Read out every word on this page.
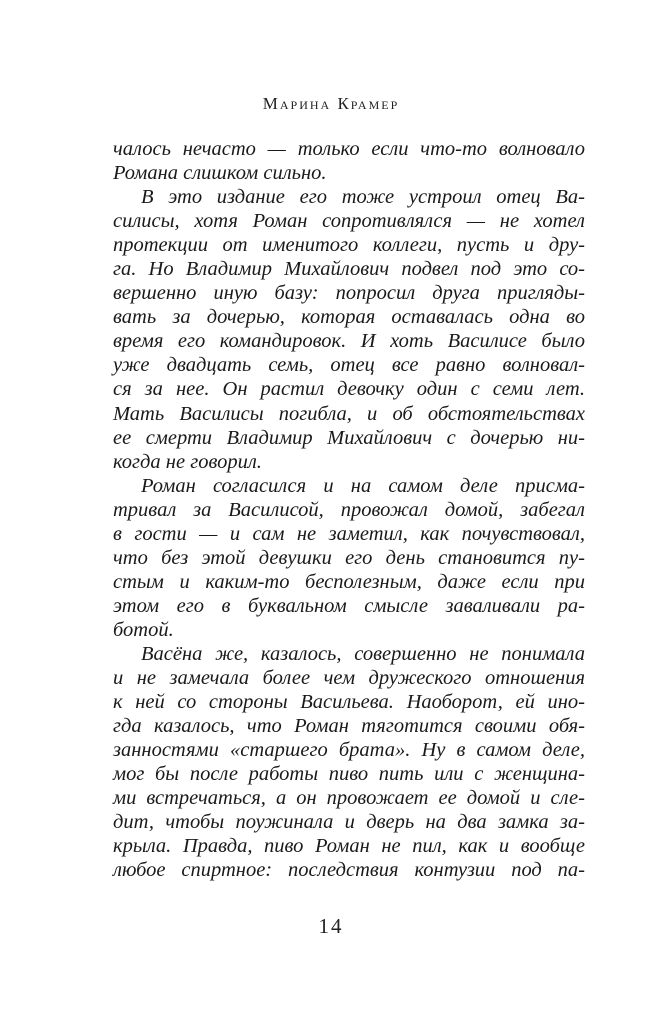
Марина Крамер
чалось нечасто — только если что-то волновало
Романа слишком сильно.
В это издание его тоже устроил отец Ва-
силисы, хотя Роман сопротивлялся — не хотел
протекции от именитого коллеги, пусть и дру-
га. Но Владимир Михайлович подвел под это со-
вершенно иную базу: попросил друга пригляды-
вать за дочерью, которая оставалась одна во
время его командировок. И хоть Василисе было
уже двадцать семь, отец все равно волновал-
ся за нее. Он растил девочку один с семи лет.
Мать Василисы погибла, и об обстоятельствах
ее смерти Владимир Михайлович с дочерью ни-
когда не говорил.
Роман согласился и на самом деле присма-
тривал за Василисой, провожал домой, забегал
в гости — и сам не заметил, как почувствовал,
что без этой девушки его день становится пу-
стым и каким-то бесполезным, даже если при
этом его в буквальном смысле заваливали ра-
ботой.
Васёна же, казалось, совершенно не понимала
и не замечала более чем дружеского отношения
к ней со стороны Васильева. Наоборот, ей ино-
гда казалось, что Роман тяготится своими обя-
занностями «старшего брата». Ну в самом деле,
мог бы после работы пиво пить или с женщина-
ми встречаться, а он провожает ее домой и сле-
дит, чтобы поужинала и дверь на два замка за-
крыла. Правда, пиво Роман не пил, как и вообще
любое спиртное: последствия контузии под па-
14
